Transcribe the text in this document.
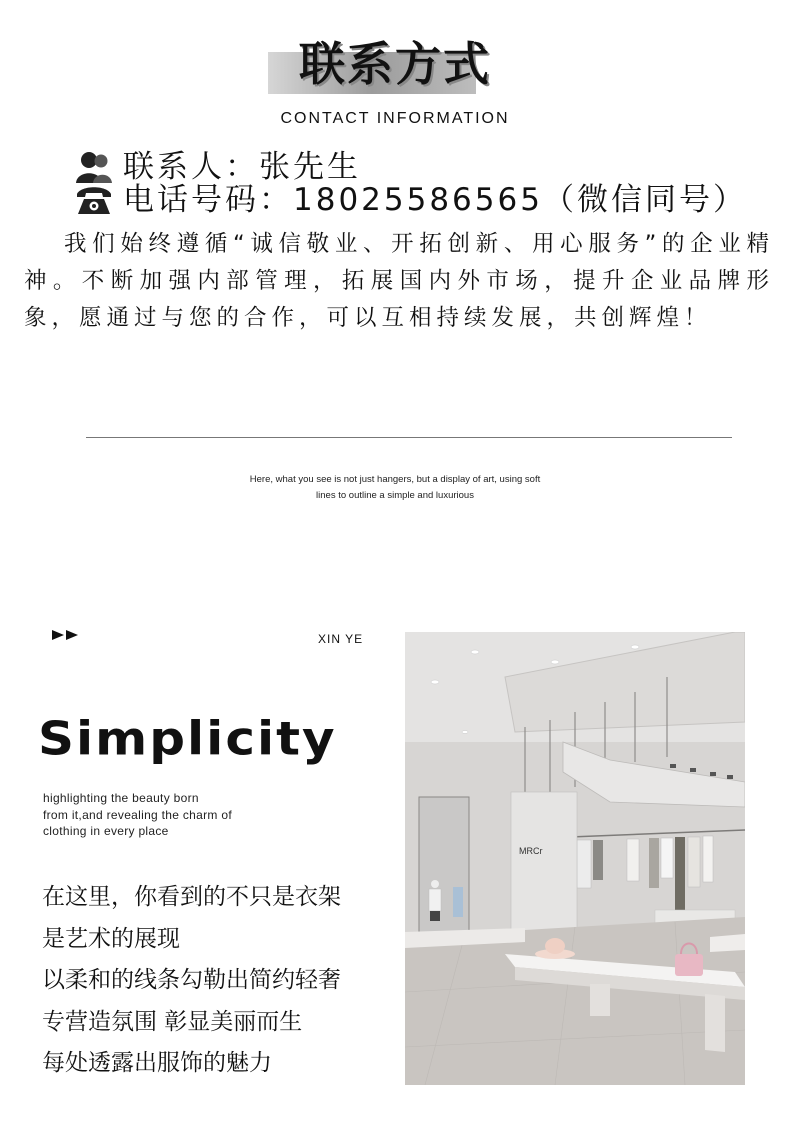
联系方式
CONTACT INFORMATION
联系人：张先生
电话号码：18025586565（微信同号）
我们始终遵循“诚信敬业、开拓创新、用心服务”的企业精神。不断加强内部管理，拓展国内外市场，提升企业品牌形象，愿通过与您的合作，可以互相持续发展，共创辉煌！
Here, what you see is not just hangers, but a display of art, using soft
lines to outline a simple and luxurious
XIN YE
Simplicity
highlighting the beauty born
from it,and revealing the charm of
clothing in every place
在这里，你看到的不只是衣架
是艺术的展现
以柔和的线条勾勒出简约轻奢
专营造氛围 彰显美丽而生
每处透露出服饰的魅力
MRCr
